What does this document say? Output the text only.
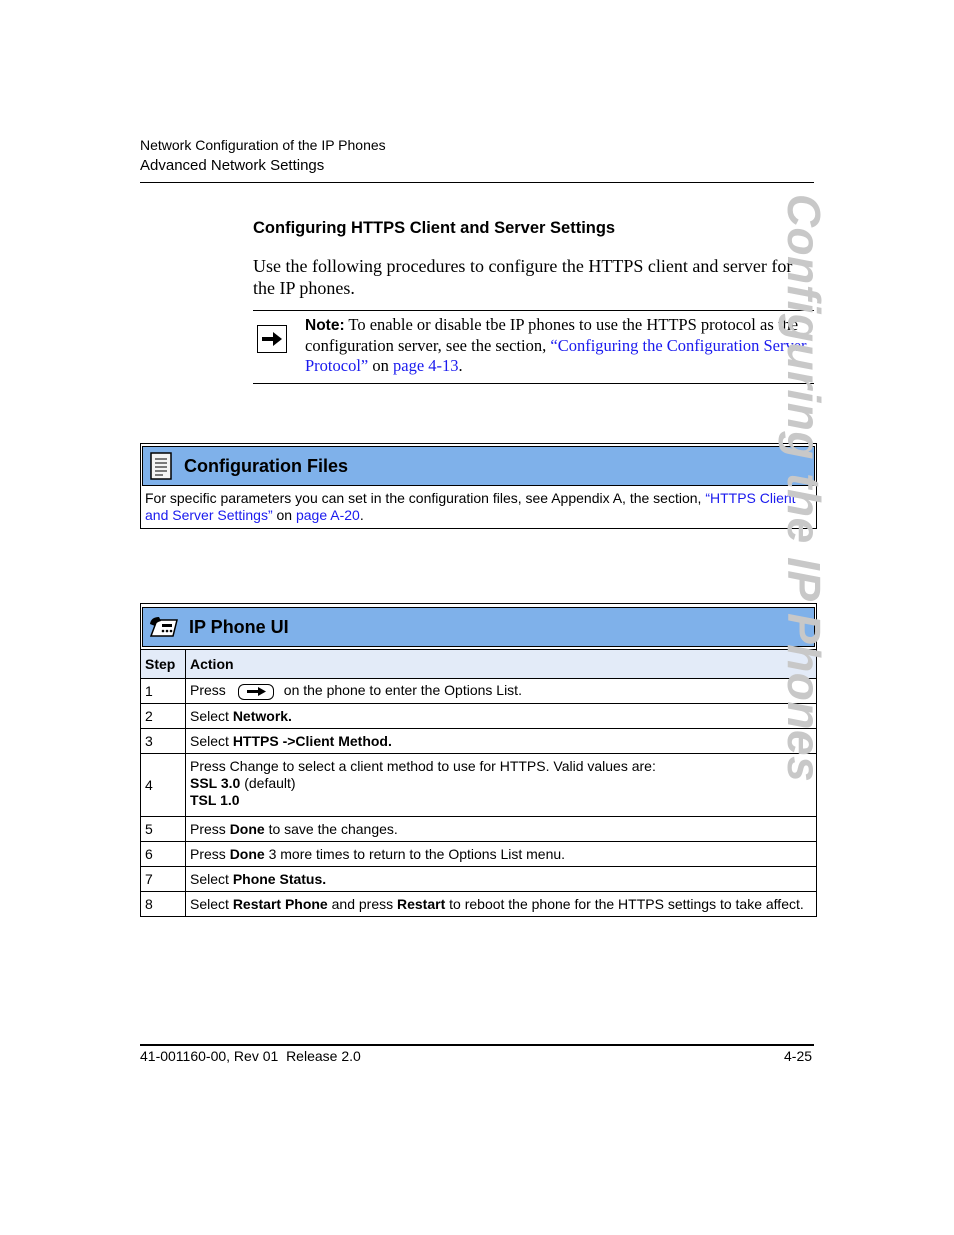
Network Configuration of the IP Phones
Advanced Network Settings
Configuring HTTPS Client and Server Settings
Use the following procedures to configure the HTTPS client and server for the IP phones.
Note: To enable or disable tbe IP phones to use the HTTPS protocol as the configuration server, see the section, “Configuring the Configuration Server Protocol” on page 4-13.
Configuration Files
For specific parameters you can set in the configuration files, see Appendix A, the section, “HTTPS Client and Server Settings” on page A-20.
IP Phone UI
Step	Action
1	Press on the phone to enter the Options List.
2	Select Network.
3	Select HTTPS ->Client Method.
4	Press Change to select a client method to use for HTTPS. Valid values are:
SSL 3.0 (default)
TSL 1.0

5	Press Done to save the changes.
6	Press Done 3 more times to return to the Options List menu.
7	Select Phone Status.
8	Select Restart Phone and press Restart to reboot the phone for the HTTPS settings to take affect.
Configuring the IP Phones
41-001160-00, Rev 01  Release 2.0	4-25
